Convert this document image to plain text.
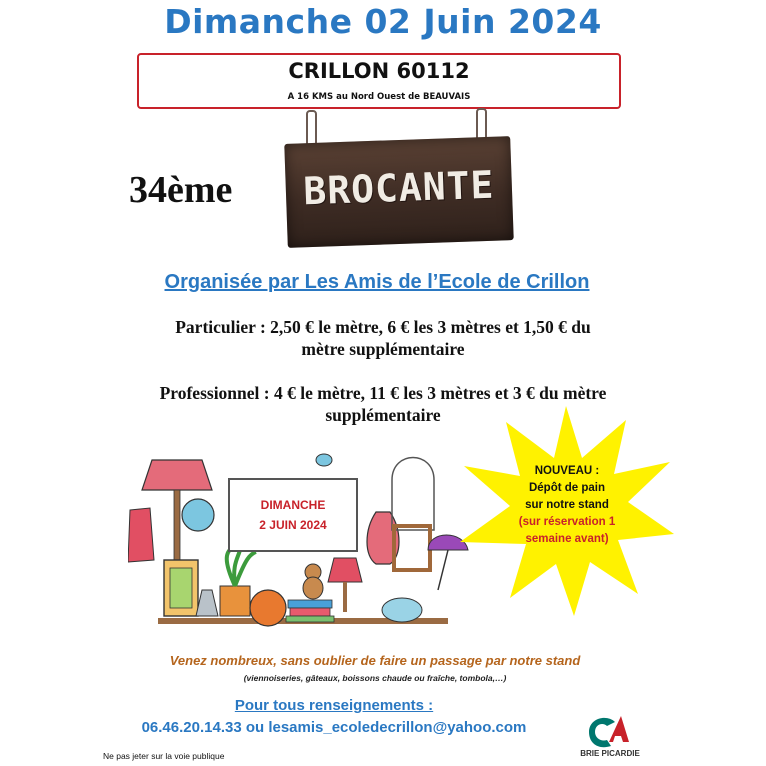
Dimanche 02 Juin 2024
CRILLON 60112
A 16 KMS au Nord Ouest de BEAUVAIS
34ème	BROCANTE
Organisée par Les Amis de l’Ecole de Crillon
Particulier : 2,50 € le mètre, 6 € les 3 mètres et 1,50 € du
mètre supplémentaire
Professionnel : 4 € le mètre, 11 € les 3 mètres et 3 € du mètre
supplémentaire
DIMANCHE
2 JUIN 2024
NOUVEAU :
Dépôt de pain
sur notre stand
(sur réservation 1
semaine avant)
Venez nombreux, sans oublier de faire un passage par notre stand
(viennoiseries, gâteaux, boissons chaude ou fraîche, tombola,…)
Pour tous renseignements :
06.46.20.14.33 ou lesamis_ecoledecrillon@yahoo.com
BRIE PICARDIE
Ne pas jeter sur la voie publique
